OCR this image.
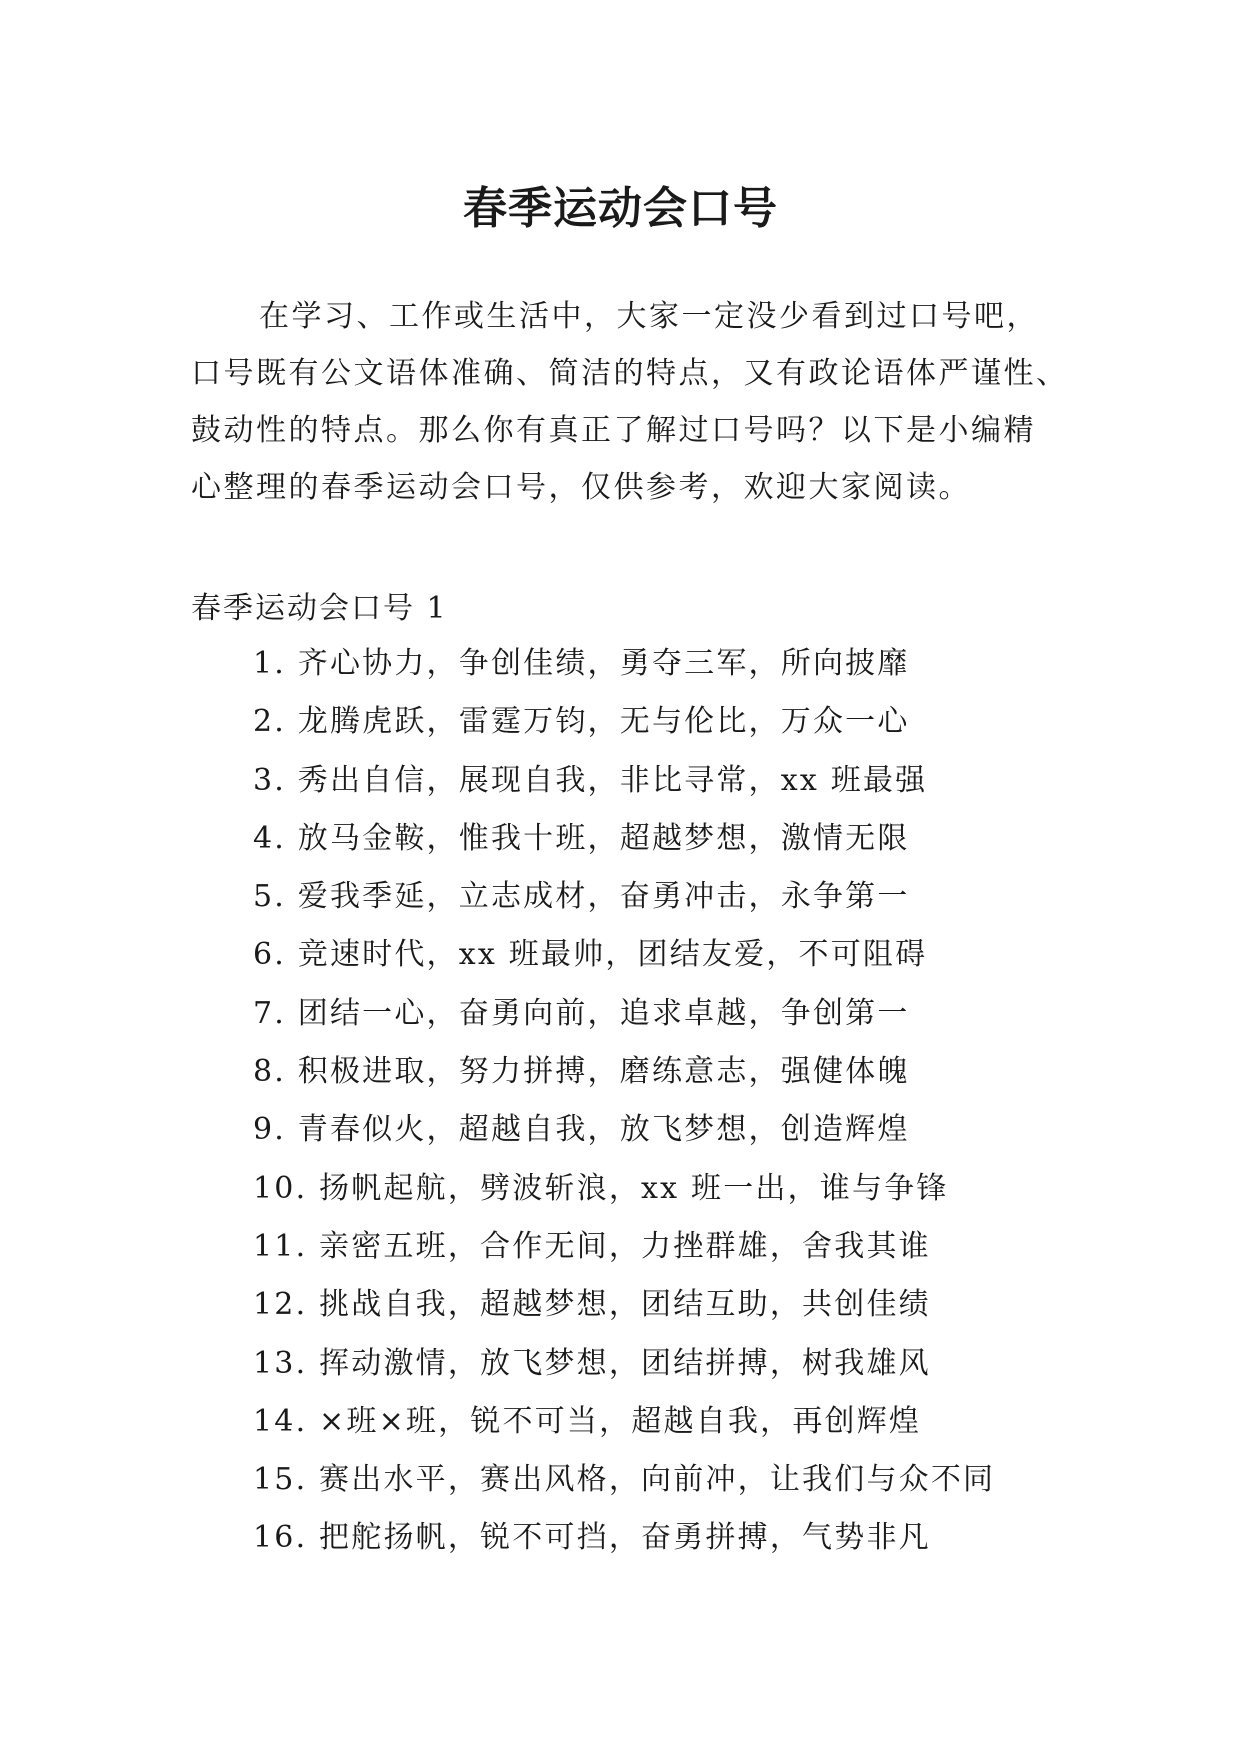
春季运动会口号

在学习、工作或生活中，大家一定没少看到过口号吧，
口号既有公文语体准确、简洁的特点，又有政论语体严谨性、
鼓动性的特点。那么你有真正了解过口号吗？以下是小编精
心整理的春季运动会口号，仅供参考，欢迎大家阅读。

春季运动会口号 1
1. 齐心协力，争创佳绩，勇夺三军，所向披靡
2. 龙腾虎跃，雷霆万钧，无与伦比，万众一心
3. 秀出自信，展现自我，非比寻常，xx 班最强
4. 放马金鞍，惟我十班，超越梦想，激情无限
5. 爱我季延，立志成材，奋勇冲击，永争第一
6. 竞速时代，xx 班最帅，团结友爱，不可阻碍
7. 团结一心，奋勇向前，追求卓越，争创第一
8. 积极进取，努力拼搏，磨练意志，强健体魄
9. 青春似火，超越自我，放飞梦想，创造辉煌
10. 扬帆起航，劈波斩浪，xx 班一出，谁与争锋
11. 亲密五班，合作无间，力挫群雄，舍我其谁
12. 挑战自我，超越梦想，团结互助，共创佳绩
13. 挥动激情，放飞梦想，团结拼搏，树我雄风
14. ×班×班，锐不可当，超越自我，再创辉煌
15. 赛出水平，赛出风格，向前冲，让我们与众不同
16. 把舵扬帆，锐不可挡，奋勇拼搏，气势非凡
